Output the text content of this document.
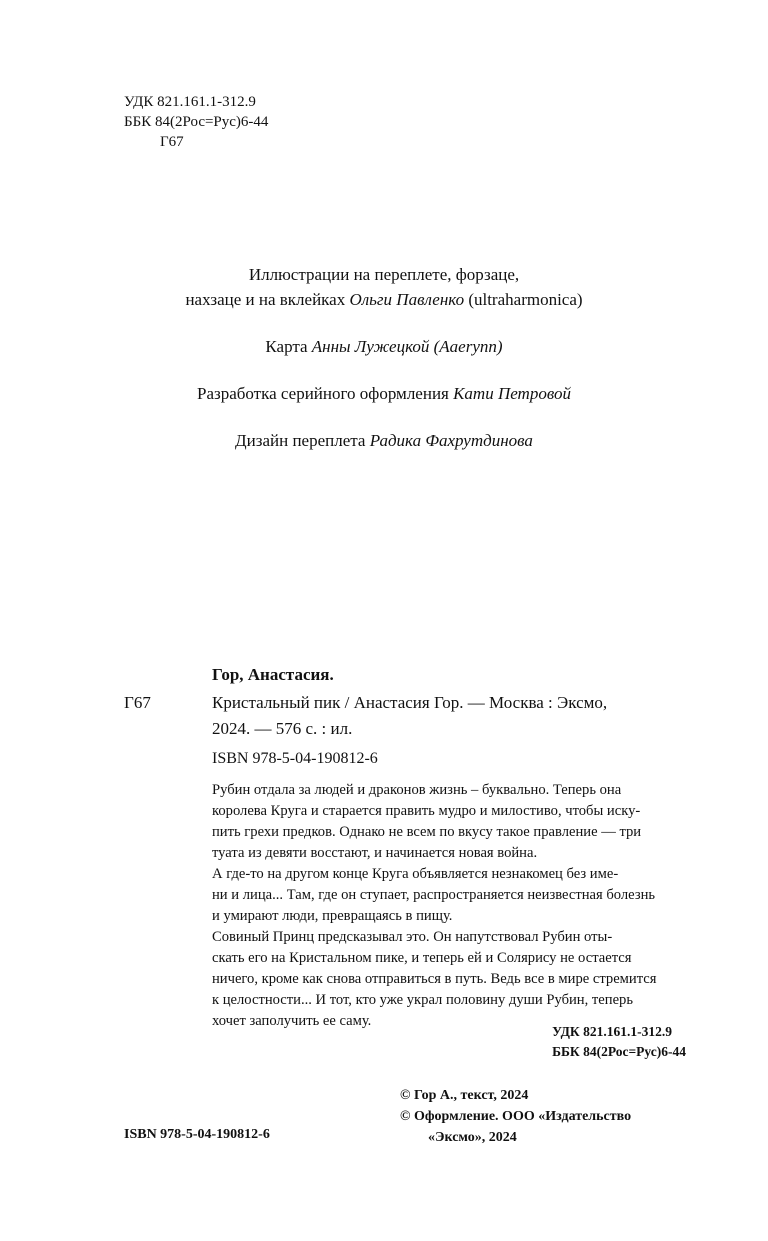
УДК 821.161.1-312.9
ББК 84(2Рос=Рус)6-44
Г67

Иллюстрации на переплете, форзаце,
нахзаце и на вклейках Ольги Павленко (ultraharmonica)

Карта Анны Лужецкой (Aaerynn)

Разработка серийного оформления Кати Петровой

Дизайн переплета Радика Фахрутдинова

Гор, Анастасия.
Г67	Кристальный пик / Анастасия Гор. — Москва : Эксмо,
2024. — 576 с. : ил.
ISBN 978-5-04-190812-6

Рубин отдала за людей и драконов жизнь – буквально. Теперь она
королева Круга и старается править мудро и милостиво, чтобы иску-
пить грехи предков. Однако не всем по вкусу такое правление — три
туата из девяти восстают, и начинается новая война.

А где-то на другом конце Круга объявляется незнакомец без име-
ни и лица... Там, где он ступает, распространяется неизвестная болезнь
и умирают люди, превращаясь в пищу.

Совиный Принц предсказывал это. Он напутствовал Рубин оты-
скать его на Кристальном пике, и теперь ей и Солярису не остается
ничего, кроме как снова отправиться в путь. Ведь все в мире стремится
к целостности... И тот, кто уже украл половину души Рубин, теперь
хочет заполучить ее саму.

УДК 821.161.1-312.9
ББК 84(2Рос=Рус)6-44
© Гор А., текст, 2024
© Оформление. ООО «Издательство
«Эксмо», 2024
ISBN 978-5-04-190812-6
